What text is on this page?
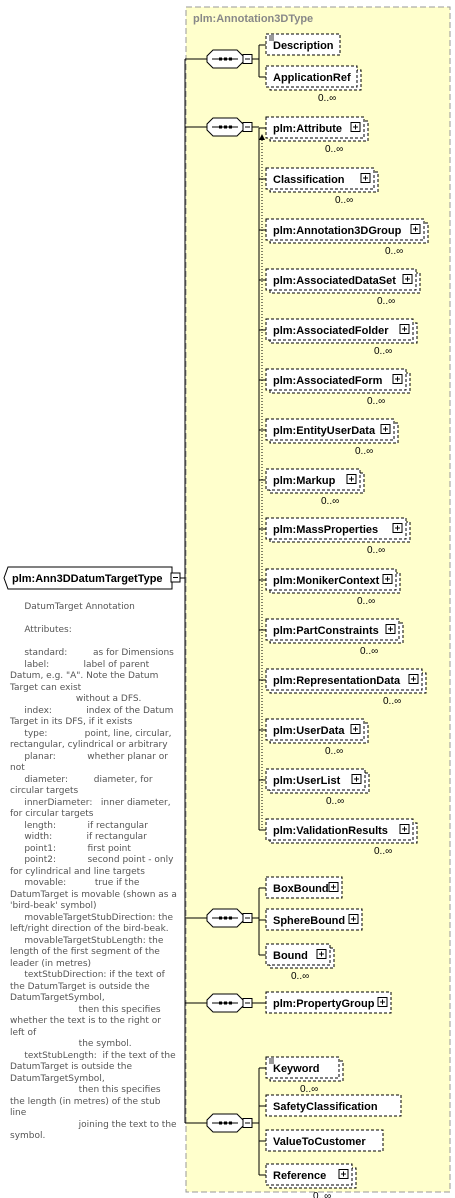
plm:Annotation3DType
plm:Ann3DDatumTargetType
Description
ApplicationRef
0..∞
plm:Attribute
0..∞
Classification
0..∞
plm:Annotation3DGroup
0..∞
plm:AssociatedDataSet
0..∞
plm:AssociatedFolder
0..∞
plm:AssociatedForm
0..∞
plm:EntityUserData
0..∞
plm:Markup
0..∞
plm:MassProperties
0..∞
plm:MonikerContext
0..∞
plm:PartConstraints
0..∞
plm:RepresentationData
0..∞
plm:UserData
0..∞
plm:UserList
0..∞
plm:ValidationResults
0..∞
BoxBound
SphereBound
Bound
0..∞
plm:PropertyGroup
Keyword
0..∞
SafetyClassification
ValueToCustomer
Reference
0..∞
DatumTarget Annotation

Attributes:

standard:         as for Dimensions
label:            label of parent Datum, e.g. "A". Note the Datum Target can exist
without a DFS.
index:            index of the Datum Target in its DFS, if it exists
type:             point, line, circular, rectangular, cylindrical or arbitrary
planar:           whether planar or not
diameter:         diameter, for circular targets
innerDiameter:   inner diameter, for circular targets
length:           if rectangular
width:            if rectangular
point1:           first point
point2:           second point - only for cylindrical and line targets
movable:          true if the DatumTarget is movable (shown as a 'bird-beak' symbol)
movableTargetStubDirection: the left/right direction of the bird-beak.
movableTargetStubLength: the length of the first segment of the leader (in metres)
textStubDirection: if the text of the DatumTarget is outside the DatumTargetSymbol,
then this specifies whether the text is to the right or left of
the symbol.
textStubLength:  if the text of the DatumTarget is outside the DatumTargetSymbol,
then this specifies the length (in metres) of the stub line
joining the text to the symbol.
